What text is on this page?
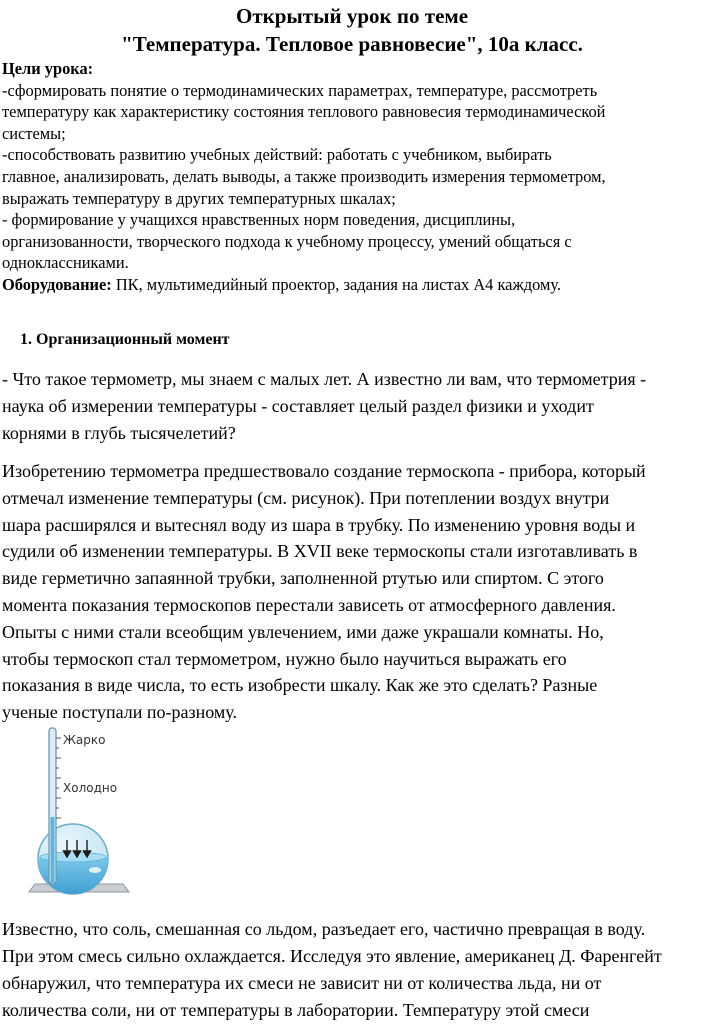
Открытый урок по теме

"Температура. Тепловое равновесие", 10а класс.

Цели урока:

-сформировать понятие о термодинамических параметрах, температуре, рассмотреть

температуру как характеристику состояния теплового равновесия термодинамической

системы;

-способствовать развитию учебных действий: работать с учебником, выбирать

главное, анализировать, делать выводы, а также производить измерения термометром,

выражать температуру в других температурных шкалах;

- формирование у учащихся нравственных норм поведения, дисциплины,

организованности, творческого подхода к учебному процессу, умений общаться с

одноклассниками.

Оборудование: ПК, мультимедийный проектор, задания на листах А4 каждому.

1. Организационный момент

- Что такое термометр, мы знаем с малых лет. А известно ли вам, что термометрия -

наука об измерении температуры - составляет целый раздел физики и уходит

корнями в глубь тысячелетий?

Изобретению термометра предшествовало создание термоскопа - прибора, который

отмечал изменение температуры (см. рисунок). При потеплении воздух внутри

шара расширялся и вытеснял воду из шара в трубку. По изменению уровня воды и

судили об изменении температуры. В XVII веке термоскопы стали изготавливать в

виде герметично запаянной трубки, заполненной ртутью или спиртом. С этого

момента показания термоскопов перестали зависеть от атмосферного давления.

Опыты с ними стали всеобщим увлечением, ими даже украшали комнаты. Но,

чтобы термоскоп стал термометром, нужно было научиться выражать его

показания в виде числа, то есть изобрести шкалу. Как же это сделать? Разные

ученые поступали по-разному.

Жарко
Холодно

Известно, что соль, смешанная со льдом, разъедает его, частично превращая в воду.

При этом смесь сильно охлаждается. Исследуя это явление, американец Д. Фаренгейт

обнаружил, что температура их смеси не зависит ни от количества льда, ни от

количества соли, ни от температуры в лаборатории. Температуру этой смеси
